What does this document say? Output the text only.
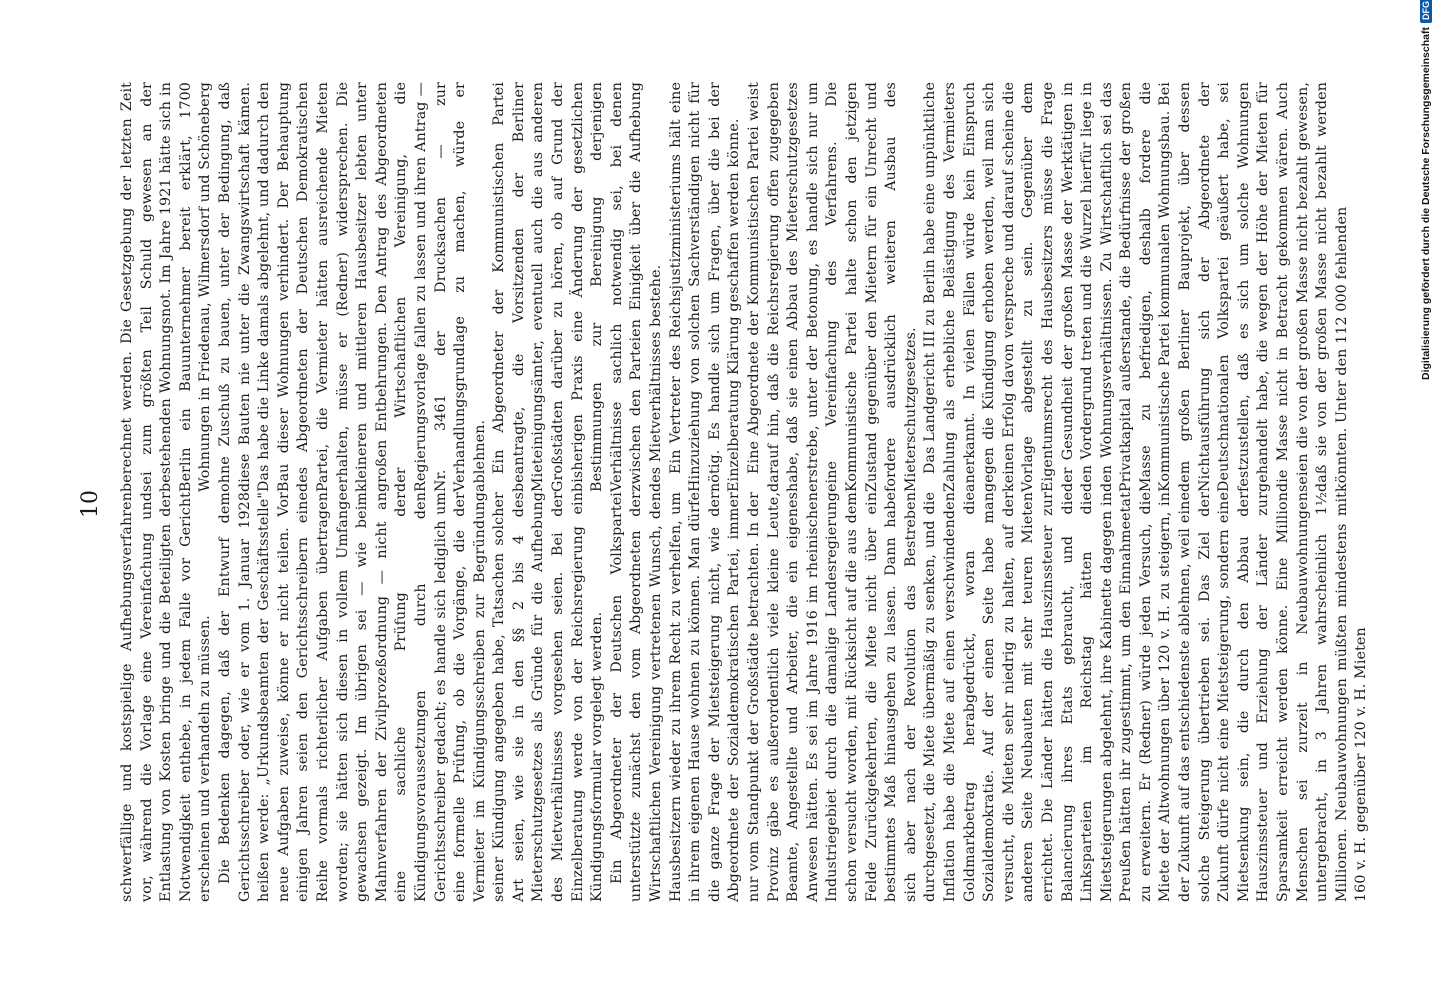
10 schwerfällige und kostspielige Aufhebungsverfahren vor, während die Vorlage eine Vereinfachung und Entlastung von Kosten bringe und die Beteiligten der Notwendigkeit enthebe, in jedem Falle vor Gericht erscheinen und verhandeln zu müssen. Die Bedenken dagegen, daß der Entwurf dem Gerichtsschreiber oder, wie er vom 1. Januar 1928 heißen werde: „Urkundsbeamten der Geschäftsstelle" neue Aufgaben zuweise, könne er nicht teilen. Vor einigen Jahren seien den Gerichtsschreibern eine Reihe vormals richterlicher Aufgaben übertragen worden; sie hätten sich diesen in vollem Umfange gewachsen gezeigt. Im übrigen sei — wie beim Mahnverfahren der Zivilprozeßordnung — nicht an eine sachliche Prüfung der Kündigungsvoraussetzungen durch den Gerichtsschreiber gedacht; es handle sich lediglich um eine formelle Prüfung, ob die Vorgänge, die der Vermieter im Kündigungsschreiben zur Begründung seiner Kündigung angegeben habe, Tatsachen solcher Art seien, wie sie in den §§ 2 bis 4 des Mieterschutzgesetzes als Gründe für die Aufhebung des Mietverhältnisses vorgesehen seien. Bei der Einzelberatung werde von der Reichsregierung ein Kündigungsformular vorgelegt werden. Ein Abgeordneter der Deutschen Volkspartei unterstützte zunächst den vom Abgeordneten der Wirtschaftlichen Vereinigung vertretenen Wunsch, den Hausbesitzern wieder zu ihrem Recht zu verhelfen, um in ihrem eigenen Hause wohnen zu können. Man dürfe die ganze Frage der Mietsteigerung nicht, wie der Abgeordnete der Sozialdemokratischen Partei, immer nur vom Standpunkt der Großstädte betrachten. In der Provinz gäbe es außerordentlich viele kleine Leute, Beamte, Angestellte und Arbeiter, die ein eigenes Anwesen hätten. Es sei im Jahre 1916 im rheinischen Industriegebiet durch die damalige Landesregierung schon versucht worden, mit Rücksicht auf die aus dem Felde Zurückgekehrten, die Miete nicht über ein bestimmtes Maß hinausgehen zu lassen. Dann habe sich aber nach der Revolution das Bestreben durchgesetzt, die Miete übermäßig zu senken, und die Inflation habe die Miete auf einen verschwindenden Goldmarkbetrag herabgedrückt, woran die Sozialdemokratie. Auf der einen Seite habe man versucht, die Mieten sehr niedrig zu halten, auf der anderen Seite Neubauten mit sehr teuren Mieten errichtet. Die Länder hätten die Hauszinssteuer zur Balancierung ihres Etats gebraucht, und die Linksparteien im Reichstag hätten die Mietsteigerungen abgelehnt, ihre Kabinette dagegen in Preußen hätten ihr zugestimmt, um den Einnahmeetat zu erweitern. Er (Redner) würde jeden Versuch, die Miete der Altwohnungen über 120 v. H. zu steigern, in der Zukunft auf das entschiedenste ablehnen, weil eine solche Steigerung übertrieben sei. Das Ziel der Zukunft dürfe nicht eine Mietsteigerung, sondern eine Mietsenkung sein, die durch den Abbau der Hauszinssteuer und Erziehung der Länder zur Sparsamkeit erreicht werden könne. Eine Million Menschen sei zurzeit in Neubauwohnungen untergebracht, in 3 Jahren wahrscheinlich 1½ Millionen. Neubauwohnungen müßten mindestens mit 160 v. H. gegenüber 120 v. H. Mieten

berechnet werden. Die Gesetzgebung der letzten Zeit sei zum größten Teil Schuld gewesen an der bestehenden Wohnungsnot. Im Jahre 1921 hätte sich in Berlin ein Bauunternehmer bereit erklärt, 1700 Wohnungen in Friedenau, Wilmersdorf und Schöneberg ohne Zuschuß zu bauen, unter der Bedingung, daß diese Bauten nie unter die Zwangswirtschaft kämen. Das habe die Linke damals abgelehnt, und dadurch den Bau dieser Wohnungen verhindert. Der Behauptung des Abgeordneten der Deutschen Demokratischen Partei, die Vermieter hätten ausreichende Mieten erhalten, müsse er (Redner) widersprechen. Die kleineren und mittleren Hausbesitzer lebten unter großen Entbehrungen. Den Antrag des Abgeordneten der Wirtschaftlichen Vereinigung, die Regierungsvorlage fallen zu lassen und ihren Antrag — Nr. 3461 der Drucksachen — zur Verhandlungsgrundlage zu machen, würde er ablehnen. Ein Abgeordneter der Kommunistischen Partei beantragte, die Vorsitzenden der Berliner Mieteinigungsämter, eventuell auch die aus anderen Großstädten darüber zu hören, ob auf Grund der bisherigen Praxis eine Änderung der gesetzlichen Bestimmungen zur Bereinigung derjenigen Verhältnisse sachlich notwendig sei, bei denen zwischen den Parteien Einigkeit über die Aufhebung des Mietverhältnisses bestehe. Ein Vertreter des Reichsjustizministeriums hält eine Hinzuziehung von solchen Sachverständigen nicht für nötig. Es handle sich um Fragen, über die bei der Einzelberatung Klärung geschaffen werden könne. Eine Abgeordnete der Kommunistischen Partei weist darauf hin, daß die Reichsregierung offen zugegeben habe, daß sie einen Abbau des Mieterschutzgesetzes erstrebe, unter der Betonung, es handle sich nur um eine Vereinfachung des Verfahrens. Die Kommunistische Partei halte schon den jetzigen Zustand gegenüber den Mietern für ein Unrecht und fordere ausdrücklich weiteren Ausbau des Mieterschutzgesetzes. Das Landgericht III zu Berlin habe eine unpünktliche Zahlung als erhebliche Belästigung des Vermieters anerkannt. In vielen Fällen würde kein Einspruch gegen die Kündigung erhoben werden, weil man sich keinen Erfolg davon verspreche und darauf scheine die Vorlage abgestellt zu sein. Gegenüber dem Eigentumsrecht des Hausbesitzers müsse die Frage der Gesundheit der großen Masse der Werktätigen in den Vordergrund treten und die Wurzel hierfür liege in den Wohnungsverhältnissen. Zu Wirtschaftlich sei das Privatkapital außerstande, die Bedürfnisse der großen Masse zu befriedigen, deshalb fordere die Kommunistische Partei kommunalen Wohnungsbau. Bei dem großen Berliner Bauprojekt, über dessen Nichtausführung sich der Abgeordnete der Deutschnationalen Volkspartei geäußert habe, sei festzustellen, daß es sich um solche Wohnungen gehandelt habe, die wegen der Höhe der Mieten für die Masse nicht in Betracht gekommen wären. Auch seien die von der großen Masse nicht bezahlt gewesen, daß sie von der großen Masse nicht bezahlt werden könnten. Unter den 112 000 fehlenden	Digitalisierung gefördert durch die Deutsche Forschungsgemeinschaft
DFG
